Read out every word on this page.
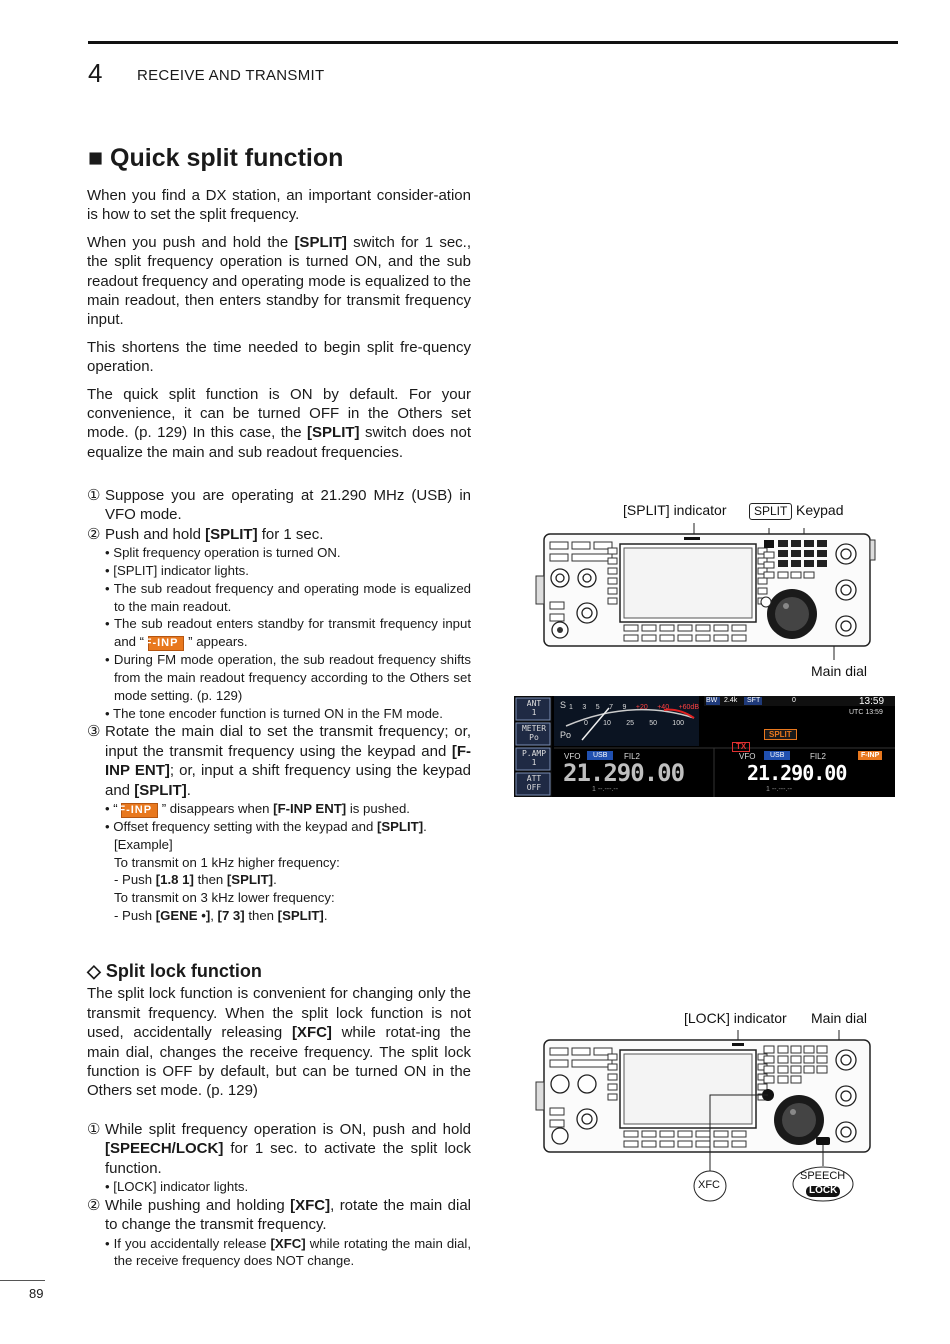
4 RECEIVE AND TRANSMIT
■ Quick split function

When you find a DX station, an important consider-ation is how to set the split frequency.

When you push and hold the [SPLIT] switch for 1 sec., the split frequency operation is turned ON, and the sub readout frequency and operating mode is equalized to the main readout, then enters standby for transmit frequency input.

This shortens the time needed to begin split fre-quency operation.

The quick split function is ON by default. For your convenience, it can be turned OFF in the Others set mode. (p. 129) In this case, the [SPLIT] switch does not equalize the main and sub readout frequencies.

① Suppose you are operating at 21.290 MHz (USB) in VFO mode.
② Push and hold [SPLIT] for 1 sec.
• Split frequency operation is turned ON.
• [SPLIT] indicator lights.
• The sub readout frequency and operating mode is equalized to the main readout.
• The sub readout enters standby for transmit frequency input and “ F-INP ” appears.
• During FM mode operation, the sub readout frequency shifts from the main readout frequency according to the Others set mode setting. (p. 129)
• The tone encoder function is turned ON in the FM mode.
③ Rotate the main dial to set the transmit frequency; or, input the transmit frequency using the keypad and [F-INP ENT]; or, input a shift frequency using the keypad and [SPLIT].
• “ F-INP ” disappears when [F-INP ENT] is pushed.
• Offset frequency setting with the keypad and [SPLIT].
[Example]
To transmit on 1 kHz higher frequency:
- Push [1.8 1] then [SPLIT].
To transmit on 3 kHz lower frequency:
- Push [GENE •], [7 3] then [SPLIT].
◇ Split lock function

The split lock function is convenient for changing only the transmit frequency. When the split lock function is not used, accidentally releasing [XFC] while rotat-ing the main dial, changes the receive frequency. The split lock function is OFF by default, but can be turned ON in the Others set mode. (p. 129)

① While split frequency operation is ON, push and hold [SPEECH/LOCK] for 1 sec. to activate the split lock function.
• [LOCK] indicator lights.
② While pushing and holding [XFC], rotate the main dial to change the transmit frequency.
• If you accidentally release [XFC] while rotating the main dial, the receive frequency does NOT change.
[SPLIT] indicator	SPLIT Keypad
Main dial
ANT
1
METER
Po
P.AMP
1
ATT
OFF
S
Po
1 3 5 7 9 +20 +40 +60dB
0 10 25 50 100
BW 2.4k SFT	0	13:59
UTC 13:59
SPLIT
TX
VFO	USB	FIL2
21.290.00
1 --.---.--
VFO	USB	FIL2	F-INP
21.290.00
1 --.---.--
[LOCK] indicator Main dial
XFC
SPEECH
LOCK
89
